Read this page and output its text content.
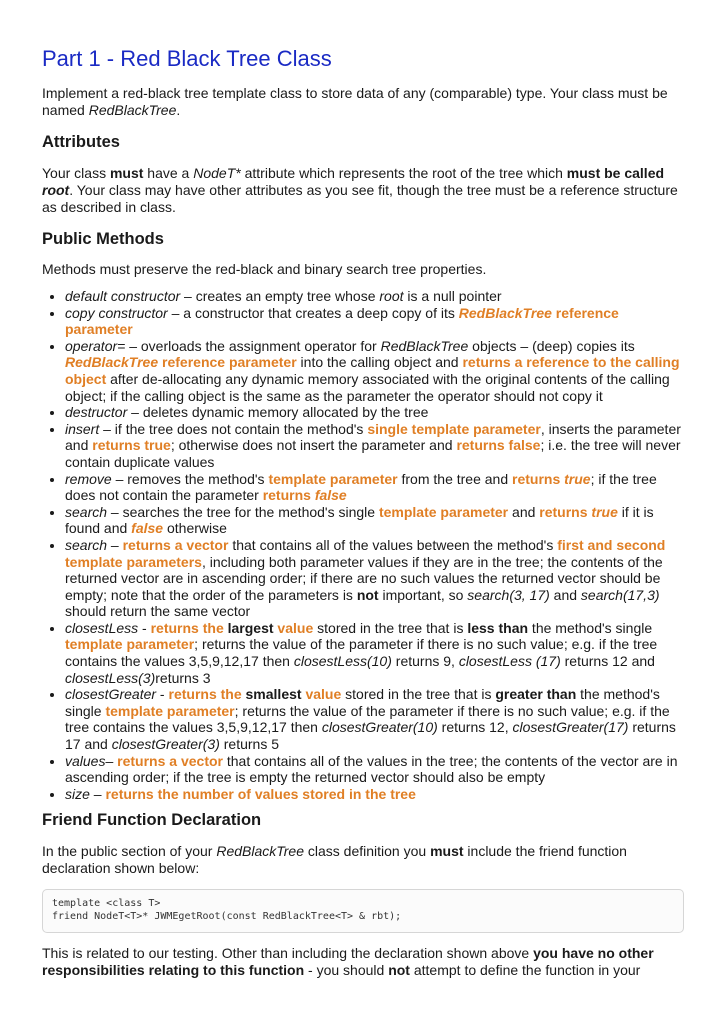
Part 1 - Red Black Tree Class

Implement a red-black tree template class to store data of any (comparable) type. Your class must be named RedBlackTree.

Attributes

Your class must have a NodeT* attribute which represents the root of the tree which must be called root. Your class may have other attributes as you see fit, though the tree must be a reference structure as described in class.

Public Methods

Methods must preserve the red-black and binary search tree properties.

• default constructor – creates an empty tree whose root is a null pointer
• copy constructor – a constructor that creates a deep copy of its RedBlackTree reference parameter
• operator= – overloads the assignment operator for RedBlackTree objects – (deep) copies its RedBlackTree reference parameter into the calling object and returns a reference to the calling object after de-allocating any dynamic memory associated with the original contents of the calling object; if the calling object is the same as the parameter the operator should not copy it
• destructor – deletes dynamic memory allocated by the tree
• insert – if the tree does not contain the method's single template parameter, inserts the parameter and returns true; otherwise does not insert the parameter and returns false; i.e. the tree will never contain duplicate values
• remove – removes the method's template parameter from the tree and returns true; if the tree does not contain the parameter returns false
• search – searches the tree for the method's single template parameter and returns true if it is found and false otherwise
• search – returns a vector that contains all of the values between the method's first and second template parameters, including both parameter values if they are in the tree; the contents of the returned vector are in ascending order; if there are no such values the returned vector should be empty; note that the order of the parameters is not important, so search(3, 17) and search(17,3) should return the same vector
• closestLess - returns the largest value stored in the tree that is less than the method's single template parameter; returns the value of the parameter if there is no such value; e.g. if the tree contains the values 3,5,9,12,17 then closestLess(10) returns 9, closestLess (17) returns 12 and closestLess(3)returns 3
• closestGreater - returns the smallest value stored in the tree that is greater than the method's single template parameter; returns the value of the parameter if there is no such value; e.g. if the tree contains the values 3,5,9,12,17 then closestGreater(10) returns 12, closestGreater(17) returns 17 and closestGreater(3) returns 5
• values– returns a vector that contains all of the values in the tree; the contents of the vector are in ascending order; if the tree is empty the returned vector should also be empty
• size – returns the number of values stored in the tree
Friend Function Declaration

In the public section of your RedBlackTree class definition you must include the friend function declaration shown below:

template <class T>
friend NodeT<T>* JWMEgetRoot(const RedBlackTree<T> & rbt);

This is related to our testing. Other than including the declaration shown above you have no other responsibilities relating to this function - you should not attempt to define the function in your
